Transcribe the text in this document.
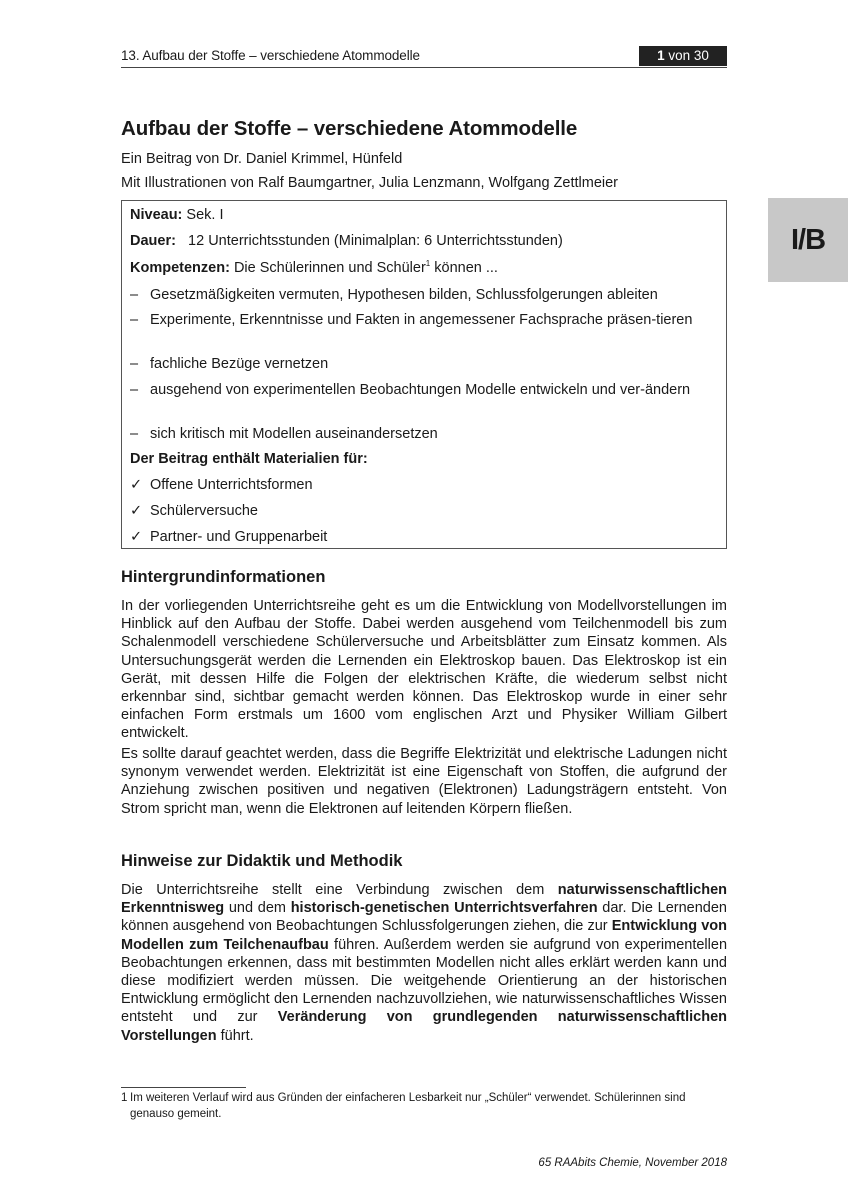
13. Aufbau der Stoffe – verschiedene Atommodelle	1 von 30
I/B
Aufbau der Stoffe – verschiedene Atommodelle
Ein Beitrag von Dr. Daniel Krimmel, Hünfeld
Mit Illustrationen von Ralf Baumgartner, Julia Lenzmann, Wolfgang Zettlmeier
Niveau: Sek. I
Dauer: 12 Unterrichtsstunden (Minimalplan: 6 Unterrichtsstunden)
Kompetenzen: Die Schülerinnen und Schüler$^1$ können ...
– Gesetzmäßigkeiten vermuten, Hypothesen bilden, Schlussfolgerungen ableiten
– Experimente, Erkenntnisse und Fakten in angemessener Fachsprache präsen-tieren
– fachliche Bezüge vernetzen
– ausgehend von experimentellen Beobachtungen Modelle entwickeln und ver-ändern
– sich kritisch mit Modellen auseinandersetzen
Der Beitrag enthält Materialien für:
✓ Offene Unterrichtsformen
✓ Schülerversuche
✓ Partner- und Gruppenarbeit
Hintergrundinformationen

In der vorliegenden Unterrichtsreihe geht es um die Entwicklung von Modellvorstellungen im Hinblick auf den Aufbau der Stoffe. Dabei werden ausgehend vom Teilchenmodell bis zum Schalenmodell verschiedene Schülerversuche und Arbeitsblätter zum Einsatz kommen. Als Untersuchungsgerät werden die Lernenden ein Elektroskop bauen. Das Elektroskop ist ein Gerät, mit dessen Hilfe die Folgen der elektrischen Kräfte, die wiederum selbst nicht erkennbar sind, sichtbar gemacht werden können. Das Elektroskop wurde in einer sehr einfachen Form erstmals um 1600 vom englischen Arzt und Physiker William Gilbert entwickelt.

Es sollte darauf geachtet werden, dass die Begriffe Elektrizität und elektrische Ladungen nicht synonym verwendet werden. Elektrizität ist eine Eigenschaft von Stoffen, die aufgrund der Anziehung zwischen positiven und negativen (Elektronen) Ladungsträgern entsteht. Von Strom spricht man, wenn die Elektronen auf leitenden Körpern fließen.

Hinweise zur Didaktik und Methodik

Die Unterrichtsreihe stellt eine Verbindung zwischen dem naturwissenschaftlichen Erkenntnisweg und dem historisch-genetischen Unterrichtsverfahren dar. Die Lernenden können ausgehend von Beobachtungen Schlussfolgerungen ziehen, die zur Entwicklung von Modellen zum Teilchenaufbau führen. Außerdem werden sie aufgrund von experimentellen Beobachtungen erkennen, dass mit bestimmten Modellen nicht alles erklärt werden kann und diese modifiziert werden müssen. Die weitgehende Orientierung an der historischen Entwicklung ermöglicht den Lernenden nachzuvollziehen, wie naturwissenschaftliches Wissen entsteht und zur Veränderung von grundlegenden naturwissenschaftlichen Vorstellungen führt.

1 Im weiteren Verlauf wird aus Gründen der einfacheren Lesbarkeit nur „Schüler“ verwendet. Schülerinnen sind genauso gemeint.
65 RAAbits Chemie, November 2018
